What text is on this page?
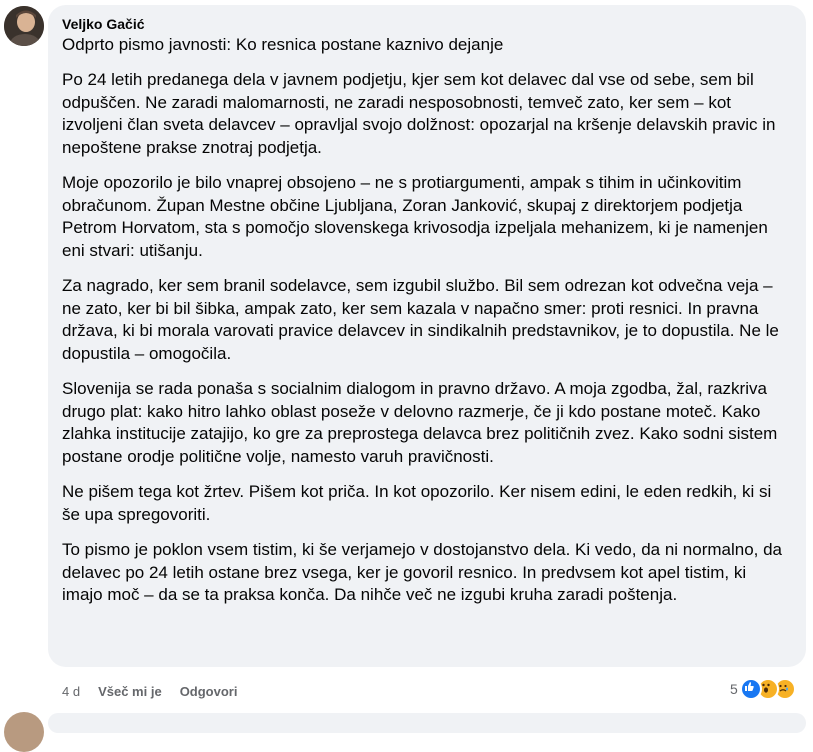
Veljko Gačić
Odprto pismo javnosti: Ko resnica postane kaznivo dejanje
Po 24 letih predanega dela v javnem podjetju, kjer sem kot delavec dal vse od sebe, sem bil odpuščen. Ne zaradi malomarnosti, ne zaradi nesposobnosti, temveč zato, ker sem – kot izvoljeni član sveta delavcev – opravljal svojo dolžnost: opozarjal na kršenje delavskih pravic in nepoštene prakse znotraj podjetja.
Moje opozorilo je bilo vnaprej obsojeno – ne s protiargumenti, ampak s tihim in učinkovitim obračunom. Župan Mestne občine Ljubljana, Zoran Janković, skupaj z direktorjem podjetja Petrom Horvatom, sta s pomočjo slovenskega krivosodja izpeljala mehanizem, ki je namenjen eni stvari: utišanju.
Za nagrado, ker sem branil sodelavce, sem izgubil službo. Bil sem odrezan kot odvečna veja – ne zato, ker bi bil šibka, ampak zato, ker sem kazala v napačno smer: proti resnici. In pravna država, ki bi morala varovati pravice delavcev in sindikalnih predstavnikov, je to dopustila. Ne le dopustila – omogočila.
Slovenija se rada ponaša s socialnim dialogom in pravno državo. A moja zgodba, žal, razkriva drugo plat: kako hitro lahko oblast poseže v delovno razmerje, če ji kdo postane moteč. Kako zlahka institucije zatajijo, ko gre za preprostega delavca brez političnih zvez. Kako sodni sistem postane orodje politične volje, namesto varuh pravičnosti.
Ne pišem tega kot žrtev. Pišem kot priča. In kot opozorilo. Ker nisem edini, le eden redkih, ki si še upa spregovoriti.
To pismo je poklon vsem tistim, ki še verjamejo v dostojanstvo dela. Ki vedo, da ni normalno, da delavec po 24 letih ostane brez vsega, ker je govoril resnico. In predvsem kot apel tistim, ki imajo moč – da se ta praksa konča. Da nihče več ne izgubi kruha zaradi poštenja.
4 d Všeč mi je Odgovori	5
